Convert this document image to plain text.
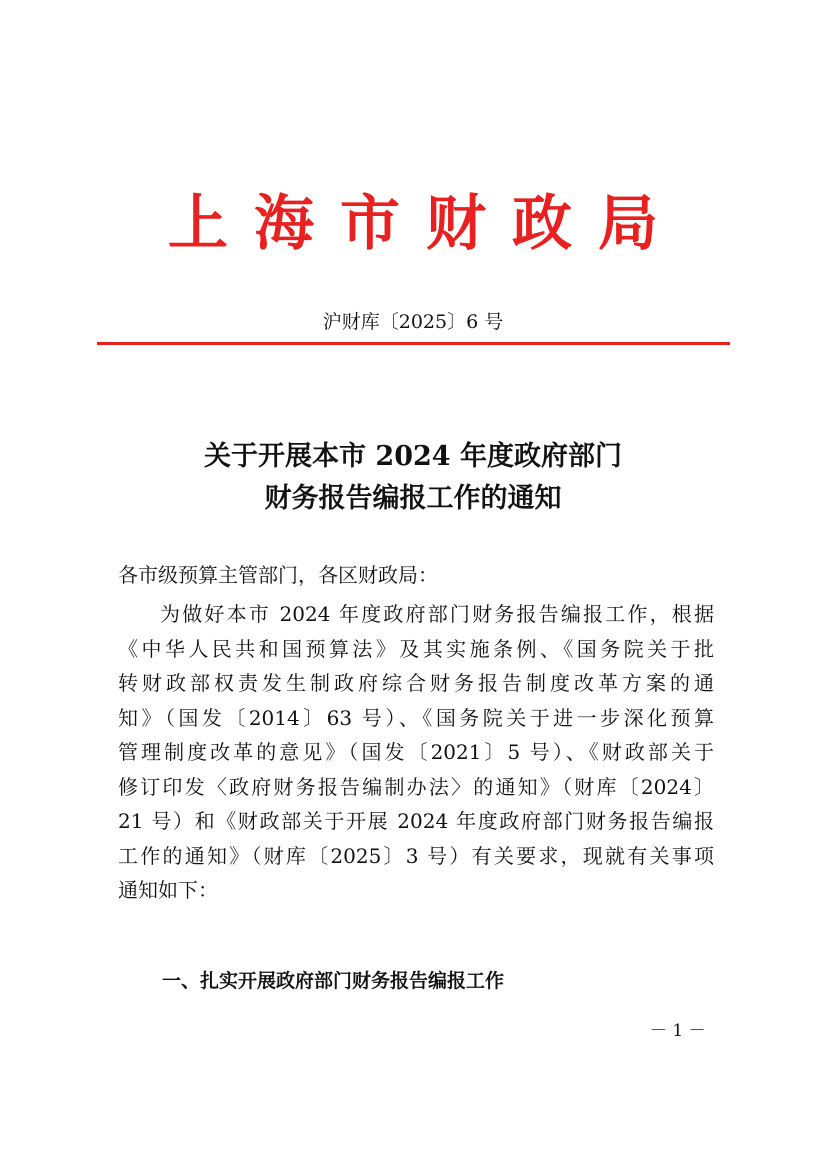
上海市财政局
沪财库〔2025〕6 号
关于开展本市 2024 年度政府部门
财务报告编报工作的通知
各市级预算主管部门，各区财政局：
为做好本市 2024 年度政府部门财务报告编报工作，根据
《中华人民共和国预算法》及其实施条例、《国务院关于批
转财政部权责发生制政府综合财务报告制度改革方案的通
知》（国发〔2014〕63 号）、《国务院关于进一步深化预算
管理制度改革的意见》（国发〔2021〕5 号）、《财政部关于
修订印发〈政府财务报告编制办法〉的通知》（财库〔2024〕
21 号）和《财政部关于开展 2024 年度政府部门财务报告编报
工作的通知》（财库〔2025〕3 号）有关要求，现就有关事项
通知如下：
一、扎实开展政府部门财务报告编报工作
－ 1 －
